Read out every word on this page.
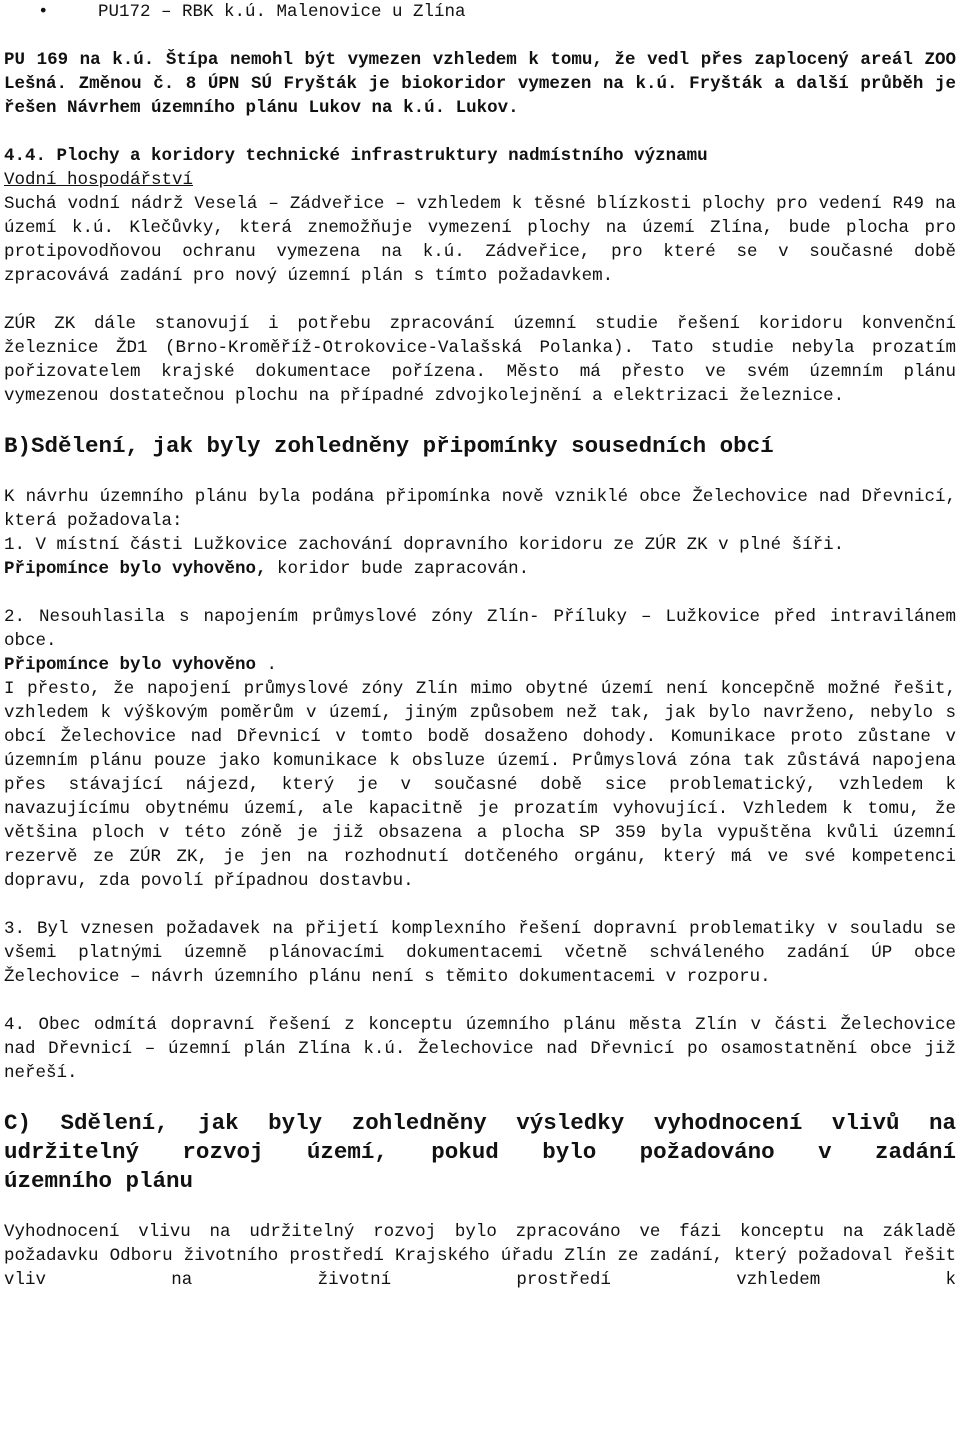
•	PU172 – RBK k.ú. Malenovice u Zlína

PU 169 na k.ú. Štípa nemohl být vymezen vzhledem k tomu, že vedl přes zaplocený areál ZOO Lešná. Změnou č. 8 ÚPN SÚ Fryšták je biokoridor vymezen na k.ú. Fryšták a další průběh je řešen Návrhem územního plánu Lukov na k.ú. Lukov.

4.4. Plochy a koridory technické infrastruktury nadmístního významu

Vodní hospodářství

Suchá vodní nádrž Veselá – Zádveřice – vzhledem k těsné blízkosti plochy pro vedení R49 na území k.ú. Klečůvky, která znemožňuje vymezení plochy na území Zlína, bude plocha pro protipovodňovou ochranu vymezena na k.ú. Zádveřice, pro které se v současné době zpracovává zadání pro nový územní plán s tímto požadavkem.

ZÚR ZK dále stanovují i potřebu zpracování územní studie řešení koridoru konvenční železnice ŽD1 (Brno-Kroměříž-Otrokovice-Valašská Polanka). Tato studie nebyla prozatím pořizovatelem krajské dokumentace pořízena. Město má přesto ve svém územním plánu vymezenou dostatečnou plochu na případné zdvojkolejnění a elektrizaci železnice.

B)Sdělení, jak byly zohledněny připomínky sousedních obcí

K návrhu územního plánu byla podána připomínka nově vzniklé obce Želechovice nad Dřevnicí, která požadovala:

1. V místní části Lužkovice zachování dopravního koridoru ze ZÚR ZK v plné šíři.

Připomínce bylo vyhověno, koridor bude zapracován.

2. Nesouhlasila s napojením průmyslové zóny Zlín- Příluky – Lužkovice před intravilánem obce.

Připomínce bylo vyhověno .

I přesto, že napojení průmyslové zóny Zlín mimo obytné území není koncepčně možné řešit, vzhledem k výškovým poměrům v území, jiným způsobem než tak, jak bylo navrženo, nebylo s obcí Želechovice nad Dřevnicí v tomto bodě dosaženo dohody. Komunikace proto zůstane v územním plánu pouze jako komunikace k obsluze území. Průmyslová zóna tak zůstává napojena přes stávající nájezd, který je v současné době sice problematický, vzhledem k navazujícímu obytnému území, ale kapacitně je prozatím vyhovující. Vzhledem k tomu, že většina ploch v této zóně je již obsazena a plocha SP 359 byla vypuštěna kvůli územní rezervě ze ZÚR ZK, je jen na rozhodnutí dotčeného orgánu, který má ve své kompetenci dopravu, zda povolí případnou dostavbu.

3. Byl vznesen požadavek na přijetí komplexního řešení dopravní problematiky v souladu se všemi platnými územně plánovacími dokumentacemi včetně schváleného zadání ÚP obce Želechovice – návrh územního plánu není s těmito dokumentacemi v rozporu.

4. Obec odmítá dopravní řešení z konceptu územního plánu města Zlín v části Želechovice nad Dřevnicí – územní plán Zlína k.ú. Želechovice nad Dřevnicí po osamostatnění obce již neřeší.

C) Sdělení, jak byly zohledněny výsledky vyhodnocení vlivů na
udržitelný rozvoj území, pokud bylo požadováno v zadání
územního plánu

Vyhodnocení vlivu na udržitelný rozvoj bylo zpracováno ve fázi konceptu na základě požadavku Odboru životního prostředí Krajského úřadu Zlín ze zadání, který požadoval řešit vliv na životní prostředí vzhledem k
